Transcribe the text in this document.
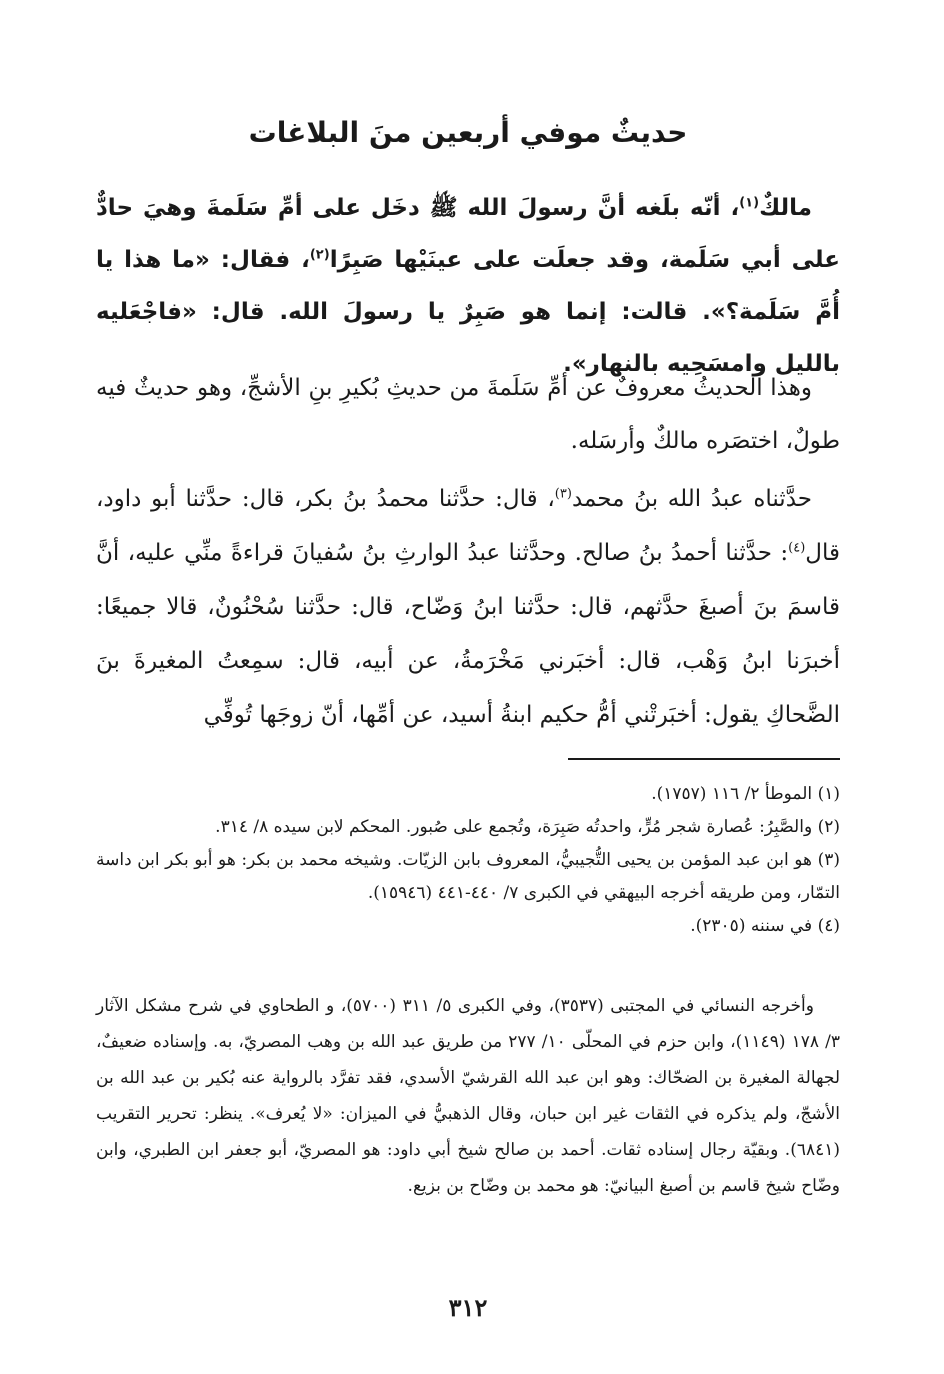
حديثٌ موفي أربعين منَ البلاغات

مالكٌ$^{(١)}$، أنّه بلَغه أنَّ رسولَ الله ﷺ دخَل على أمِّ سَلَمةَ وهيَ حادٌّ على أبي سَلَمة، وقد جعلَت على عينَيْها صَبِرًا$^{(٢)}$، فقال: «ما هذا يا أُمَّ سَلَمة؟». قالت: إنما هو صَبِرٌ يا رسولَ الله. قال: «فاجْعَليه بالليل وامسَحِيه بالنهار».

وهذا الحديثُ معروفٌ عن أمِّ سَلَمةَ من حديثِ بُكيرِ بنِ الأشجِّ، وهو حديثٌ فيه طولٌ، اختصَره مالكٌ وأرسَله.

حدَّثناه عبدُ الله بنُ محمد$^{(٣)}$، قال: حدَّثنا محمدُ بنُ بكر، قال: حدَّثنا أبو داود، قال$^{(٤)}$: حدَّثنا أحمدُ بنُ صالح. وحدَّثنا عبدُ الوارثِ بنُ سُفيانَ قراءةً منِّي عليه، أنَّ قاسمَ بنَ أصبغَ حدَّثهم، قال: حدَّثنا ابنُ وَضّاح، قال: حدَّثنا سُحْنُونٌ، قالا جميعًا: أخبرَنا ابنُ وَهْب، قال: أخبَرني مَخْرَمةُ، عن أبيه، قال: سمِعتُ المغيرةَ بنَ الضَّحاكِ يقول: أخبَرتْني أمُّ حكيم ابنةُ أسيد، عن أمِّها، أنّ زوجَها تُوفِّي

(١) الموطأ ٢/ ١١٦ (١٧٥٧).
(٢) والصَّبِرُ: عُصارة شجر مُرٍّ، واحدتُه صَبِرَة، وتُجمع على صُبور. المحكم لابن سيده ٨/ ٣١٤.
(٣) هو ابن عبد المؤمن بن يحيى التُّجيبيُّ، المعروف بابن الزيّات. وشيخه محمد بن بكر: هو أبو بكر ابن داسة التمّار، ومن طريقه أخرجه البيهقي في الكبرى ٧/ ٤٤٠-٤٤١ (١٥٩٤٦).
(٤) في سننه (٢٣٠٥).

وأخرجه النسائي في المجتبى (٣٥٣٧)، وفي الكبرى ٥/ ٣١١ (٥٧٠٠)، و الطحاوي في شرح مشكل الآثار ٣/ ١٧٨ (١١٤٩)، وابن حزم في المحلّى ١٠/ ٢٧٧ من طريق عبد الله بن وهب المصريّ، به. وإسناده ضعيفٌ، لجهالة المغيرة بن الضحّاك: وهو ابن عبد الله القرشيّ الأسدي، فقد تفرَّد بالرواية عنه بُكير بن عبد الله بن الأشجّ، ولم يذكره في الثقات غير ابن حبان، وقال الذهبيُّ في الميزان: «لا يُعرف». ينظر: تحرير التقريب (٦٨٤١). وبقيّة رجال إسناده ثقات. أحمد بن صالح شيخ أبي داود: هو المصريّ، أبو جعفر ابن الطبري، وابن وضّاح شيخ قاسم بن أصبغ البيانيّ: هو محمد بن وضّاح بن بزيع.

٣١٢
